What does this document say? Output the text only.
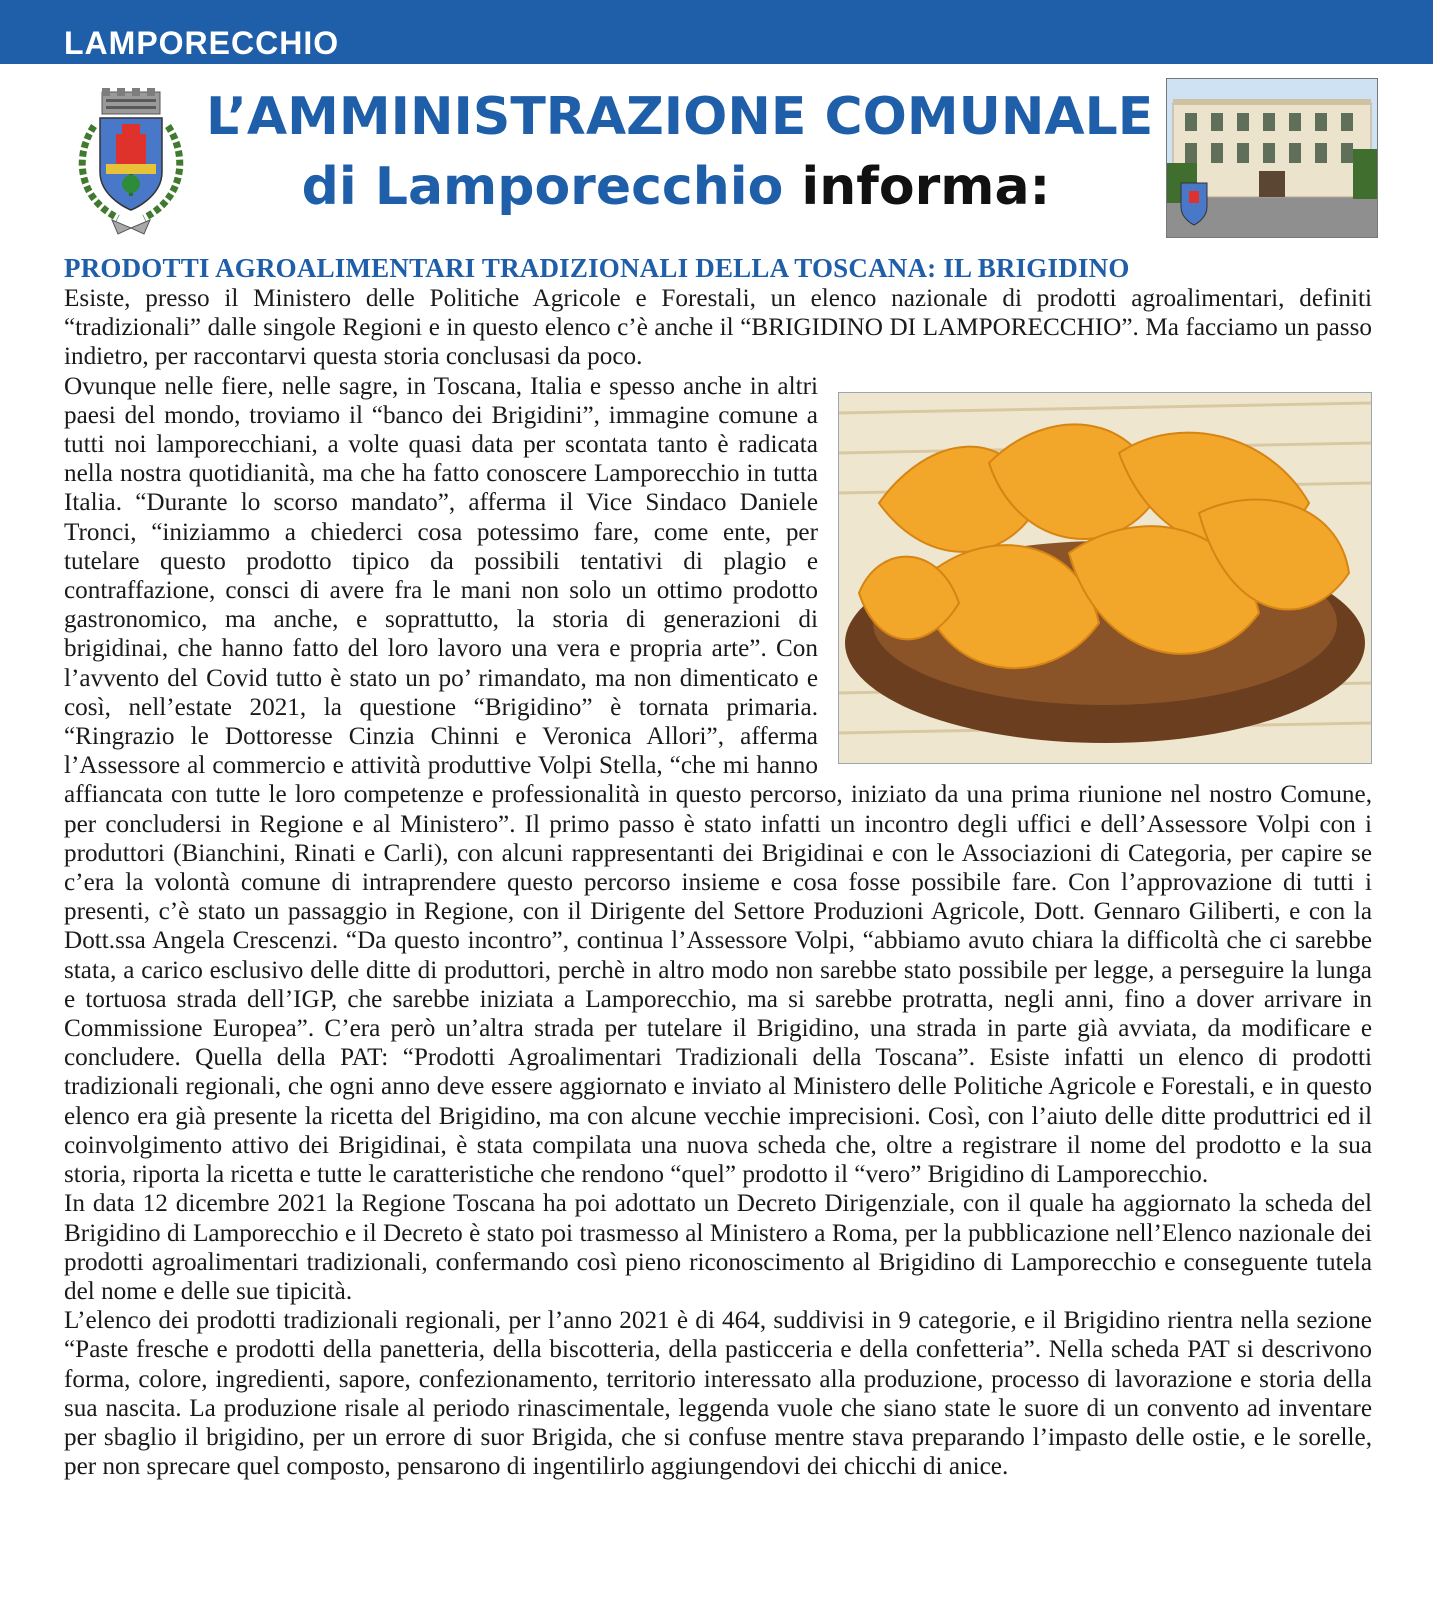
LAMPORECCHIO
L’AMMINISTRAZIONE COMUNALE
di Lamporecchio informa:
PRODOTTI AGROALIMENTARI TRADIZIONALI DELLA TOSCANA: IL BRIGIDINO

Esiste, presso il Ministero delle Politiche Agricole e Forestali, un elenco nazionale di prodotti agroalimentari, definiti “tradizionali” dalle singole Regioni e in questo elenco c’è anche il “BRIGIDINO DI LAMPORECCHIO”. Ma facciamo un passo indietro, per raccontarvi questa storia conclusasi da poco.

Ovunque nelle fiere, nelle sagre, in Toscana, Italia e spesso anche in altri paesi del mondo, troviamo il “banco dei Brigidini”, immagine comune a tutti noi lamporecchiani, a volte quasi data per scontata tanto è radicata nella nostra quotidianità, ma che ha fatto conoscere Lamporecchio in tutta Italia. “Durante lo scorso mandato”, afferma il Vice Sindaco Daniele Tronci, “iniziammo a chiederci cosa potessimo fare, come ente, per tutelare questo prodotto tipico da possibili tentativi di plagio e contraffazione, consci di avere fra le mani non solo un ottimo prodotto gastronomico, ma anche, e soprattutto, la storia di generazioni di brigidinai, che hanno fatto del loro lavoro una vera e propria arte”. Con l’avvento del Covid tutto è stato un po’ rimandato, ma non dimenticato e così, nell’estate 2021, la questione “Brigidino” è tornata primaria. “Ringrazio le Dottoresse Cinzia Chinni e Veronica Allori”, afferma l’Assessore al commercio e attività produttive Volpi Stella, “che mi hanno affiancata con tutte le loro competenze e professionalità in questo percorso, iniziato da una prima riunione nel nostro Comune, per concludersi in Regione e al Ministero”. Il primo passo è stato infatti un incontro degli uffici e dell’Assessore Volpi con i produttori (Bianchini, Rinati e Carli), con alcuni rappresentanti dei Brigidinai e con le Associazioni di Categoria, per capire se c’era la volontà comune di intraprendere questo percorso insieme e cosa fosse possibile fare. Con l’approvazione di tutti i presenti, c’è stato un passaggio in Regione, con il Dirigente del Settore Produzioni Agricole, Dott. Gennaro Giliberti, e con la Dott.ssa Angela Crescenzi. “Da questo incontro”, continua l’Assessore Volpi, “abbiamo avuto chiara la difficoltà che ci sarebbe stata, a carico esclusivo delle ditte di produttori, perchè in altro modo non sarebbe stato possibile per legge, a perseguire la lunga e tortuosa strada dell’IGP, che sarebbe iniziata a Lamporecchio, ma si sarebbe protratta, negli anni, fino a dover arrivare in Commissione Europea”. C’era però un’altra strada per tutelare il Brigidino, una strada in parte già avviata, da modificare e concludere. Quella della PAT: “Prodotti Agroalimentari Tradizionali della Toscana”. Esiste infatti un elenco di prodotti tradizionali regionali, che ogni anno deve essere aggiornato e inviato al Ministero delle Politiche Agricole e Forestali, e in questo elenco era già presente la ricetta del Brigidino, ma con alcune vecchie imprecisioni. Così, con l’aiuto delle ditte produttrici ed il coinvolgimento attivo dei Brigidinai, è stata compilata una nuova scheda che, oltre a registrare il nome del prodotto e la sua storia, riporta la ricetta e tutte le caratteristiche che rendono “quel” prodotto il “vero” Brigidino di Lamporecchio.

In data 12 dicembre 2021 la Regione Toscana ha poi adottato un Decreto Dirigenziale, con il quale ha aggiornato la scheda del Brigidino di Lamporecchio e il Decreto è stato poi trasmesso al Ministero a Roma, per la pubblicazione nell’Elenco nazionale dei prodotti agroalimentari tradizionali, confermando così pieno riconoscimento al Brigidino di Lamporecchio e conseguente tutela del nome e delle sue tipicità.

L’elenco dei prodotti tradizionali regionali, per l’anno 2021 è di 464, suddivisi in 9 categorie, e il Brigidino rientra nella sezione “Paste fresche e prodotti della panetteria, della biscotteria, della pasticceria e della confetteria”. Nella scheda PAT si descrivono forma, colore, ingredienti, sapore, confezionamento, territorio interessato alla produzione, processo di lavorazione e storia della sua nascita. La produzione risale al periodo rinascimentale, leggenda vuole che siano state le suore di un convento ad inventare per sbaglio il brigidino, per un errore di suor Brigida, che si confuse mentre stava preparando l’impasto delle ostie, e le sorelle, per non sprecare quel composto, pensarono di ingentilirlo aggiungendovi dei chicchi di anice.
